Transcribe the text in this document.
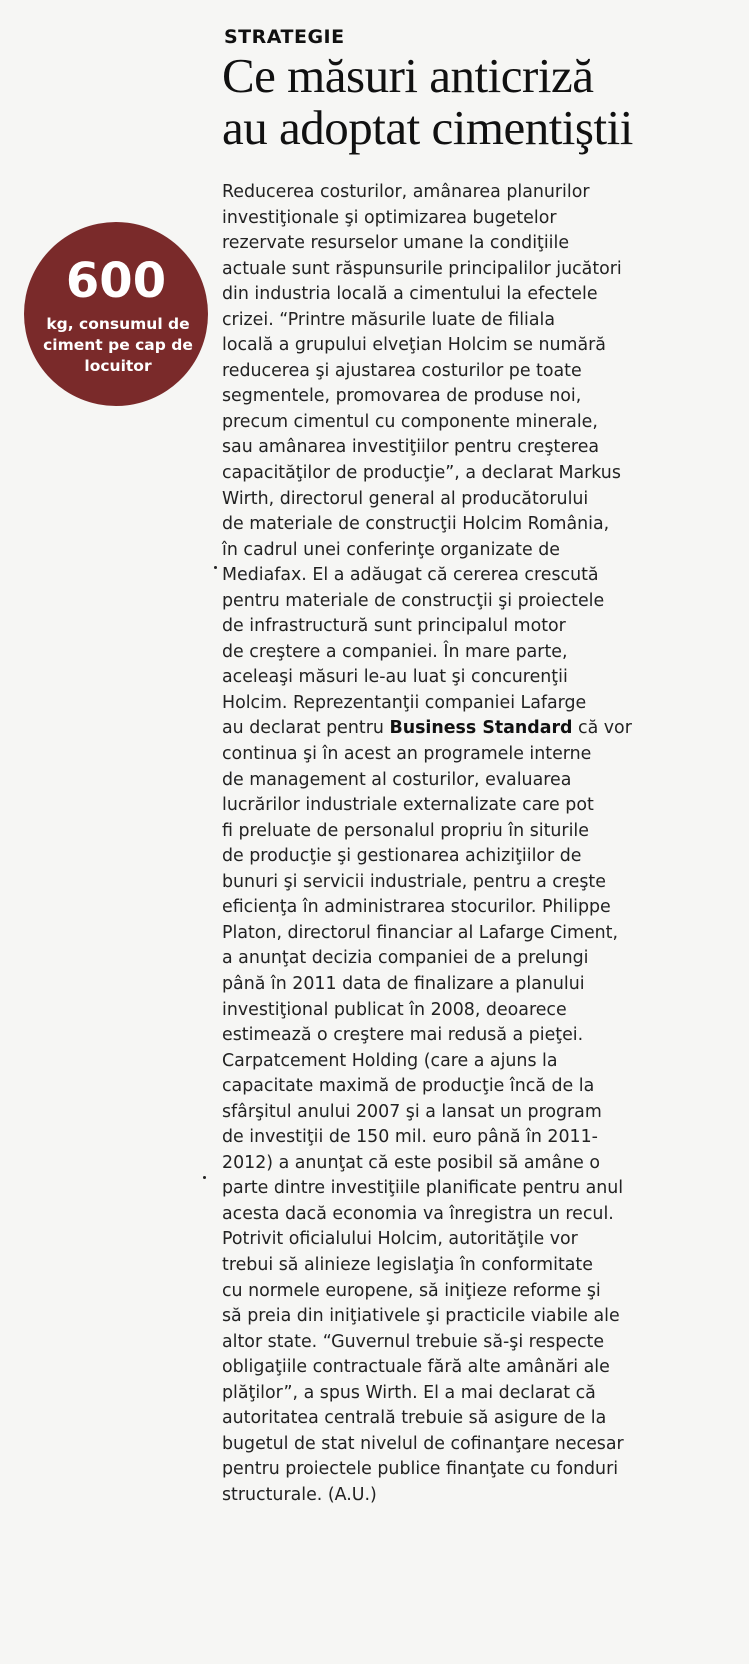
STRATEGIE
Ce măsuri anticriză
au adoptat cimentiştii
600
kg, consumul de
ciment pe cap de
locuitor
Reducerea costurilor, amânarea planurilor
investiţionale şi optimizarea bugetelor
rezervate resurselor umane la condiţiile
actuale sunt răspunsurile principalilor jucători
din industria locală a cimentului la efectele
crizei. “Printre măsurile luate de filiala
locală a grupului elveţian Holcim se numără
reducerea şi ajustarea costurilor pe toate
segmentele, promovarea de produse noi,
precum cimentul cu componente minerale,
sau amânarea investiţiilor pentru creşterea
capacităţilor de producţie”, a declarat Markus
Wirth, directorul general al producătorului
de materiale de construcţii Holcim România,
în cadrul unei conferinţe organizate de
Mediafax. El a adăugat că cererea crescută
pentru materiale de construcţii şi proiectele
de infrastructură sunt principalul motor
de creştere a companiei. În mare parte,
aceleaşi măsuri le-au luat şi concurenţii
Holcim. Reprezentanţii companiei Lafarge
au declarat pentru Business Standard că vor
continua şi în acest an programele interne
de management al costurilor, evaluarea
lucrărilor industriale externalizate care pot
fi preluate de personalul propriu în siturile
de producţie şi gestionarea achiziţiilor de
bunuri şi servicii industriale, pentru a creşte
eficienţa în administrarea stocurilor. Philippe
Platon, directorul financiar al Lafarge Ciment,
a anunţat decizia companiei de a prelungi
până în 2011 data de finalizare a planului
investiţional publicat în 2008, deoarece
estimează o creştere mai redusă a pieţei.
Carpatcement Holding (care a ajuns la
capacitate maximă de producţie încă de la
sfârşitul anului 2007 şi a lansat un program
de investiţii de 150 mil. euro până în 2011-
2012) a anunţat că este posibil să amâne o
parte dintre investiţiile planificate pentru anul
acesta dacă economia va înregistra un recul.
Potrivit oficialului Holcim, autorităţile vor
trebui să alinieze legislaţia în conformitate
cu normele europene, să iniţieze reforme şi
să preia din iniţiativele şi practicile viabile ale
altor state. “Guvernul trebuie să-şi respecte
obligaţiile contractuale fără alte amânări ale
plăţilor”, a spus Wirth. El a mai declarat că
autoritatea centrală trebuie să asigure de la
bugetul de stat nivelul de cofinanţare necesar
pentru proiectele publice finanţate cu fonduri
structurale. (A.U.)
